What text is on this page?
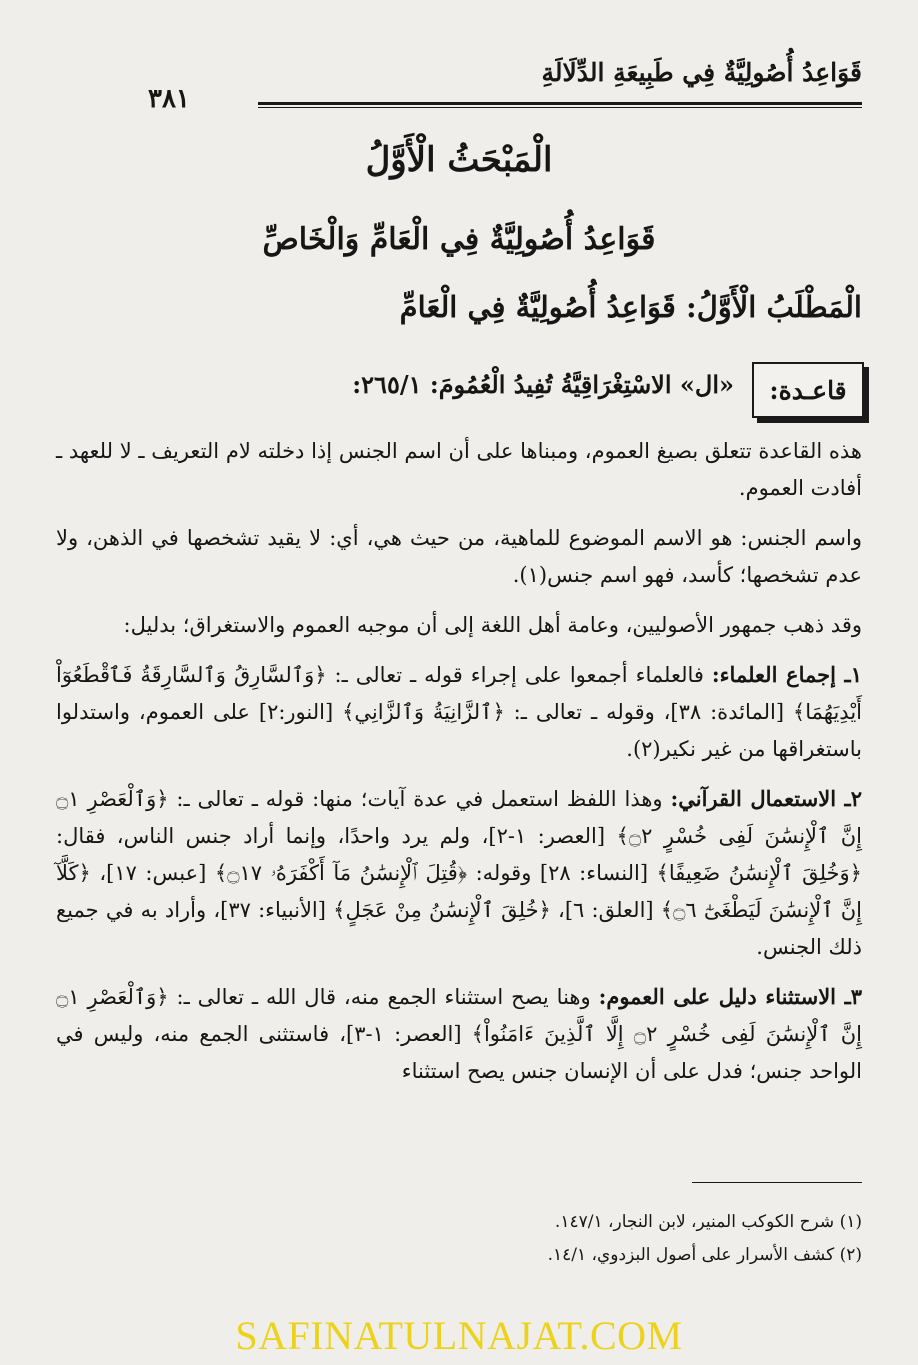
قَوَاعِدُ أُصُولِيَّةٌ فِي طَبِيعَةِ الدِّلَالَةِ
٣٨١
الْمَبْحَثُ الْأَوَّلُ
قَوَاعِدُ أُصُولِيَّةٌ فِي الْعَامِّ وَالْخَاصِّ
الْمَطْلَبُ الْأَوَّلُ: قَوَاعِدُ أُصُولِيَّةٌ فِي الْعَامِّ
قاعـدة:
«ال» الاسْتِغْرَاقِيَّةُ تُفِيدُ الْعُمُومَ: ٢٦٥/١:

هذه القاعدة تتعلق بصيغ العموم، ومبناها على أن اسم الجنس إذا دخلته لام التعريف ـ لا للعهد ـ أفادت العموم.

واسم الجنس: هو الاسم الموضوع للماهية، من حيث هي، أي: لا يقيد تشخصها في الذهن، ولا عدم تشخصها؛ كأسد، فهو اسم جنس(١).

وقد ذهب جمهور الأصوليين، وعامة أهل اللغة إلى أن موجبه العموم والاستغراق؛ بدليل:

١ـ إجماع العلماء: فالعلماء أجمعوا على إجراء قوله ـ تعالى ـ: ﴿وَٱلسَّارِقُ وَٱلسَّارِقَةُ فَٱقْطَعُوٓاْ أَيْدِيَهُمَا﴾ [المائدة: ٣٨]، وقوله ـ تعالى ـ: ﴿ٱلزَّانِيَةُ وَٱلزَّانِي﴾ [النور:٢] على العموم، واستدلوا باستغراقها من غير نكير(٢).

٢ـ الاستعمال القرآني: وهذا اللفظ استعمل في عدة آيات؛ منها: قوله ـ تعالى ـ: ﴿وَٱلْعَصْرِ ۝١ إِنَّ ٱلْإِنسَٰنَ لَفِى خُسْرٍ ۝٢﴾ [العصر: ١-٢]، ولم يرد واحدًا، وإنما أراد جنس الناس، فقال: ﴿وَخُلِقَ ٱلْإِنسَٰنُ ضَعِيفًا﴾ [النساء: ٢٨] وقوله: ﴿قُتِلَ ٱلْإِنسَٰنُ مَآ أَكْفَرَهُۥ ۝١٧﴾ [عبس: ١٧]، ﴿كَلَّآ إِنَّ ٱلْإِنسَٰنَ لَيَطْغَىٰٓ ۝٦﴾ [العلق: ٦]، ﴿خُلِقَ ٱلْإِنسَٰنُ مِنْ عَجَلٍ﴾ [الأنبياء: ٣٧]، وأراد به في جميع ذلك الجنس.

٣ـ الاستثناء دليل على العموم: وهنا يصح استثناء الجمع منه، قال الله ـ تعالى ـ: ﴿وَٱلْعَصْرِ ۝١ إِنَّ ٱلْإِنسَٰنَ لَفِى خُسْرٍ ۝٢ إِلَّا ٱلَّذِينَ ءَامَنُواْ﴾ [العصر: ١-٣]، فاستثنى الجمع منه، وليس في الواحد جنس؛ فدل على أن الإنسان جنس يصح استثناء

(١) شرح الكوكب المنير، لابن النجار، ١٤٧/١.
(٢) كشف الأسرار على أصول البزدوي، ١٤/١.
SAFINATULNAJAT.COM
